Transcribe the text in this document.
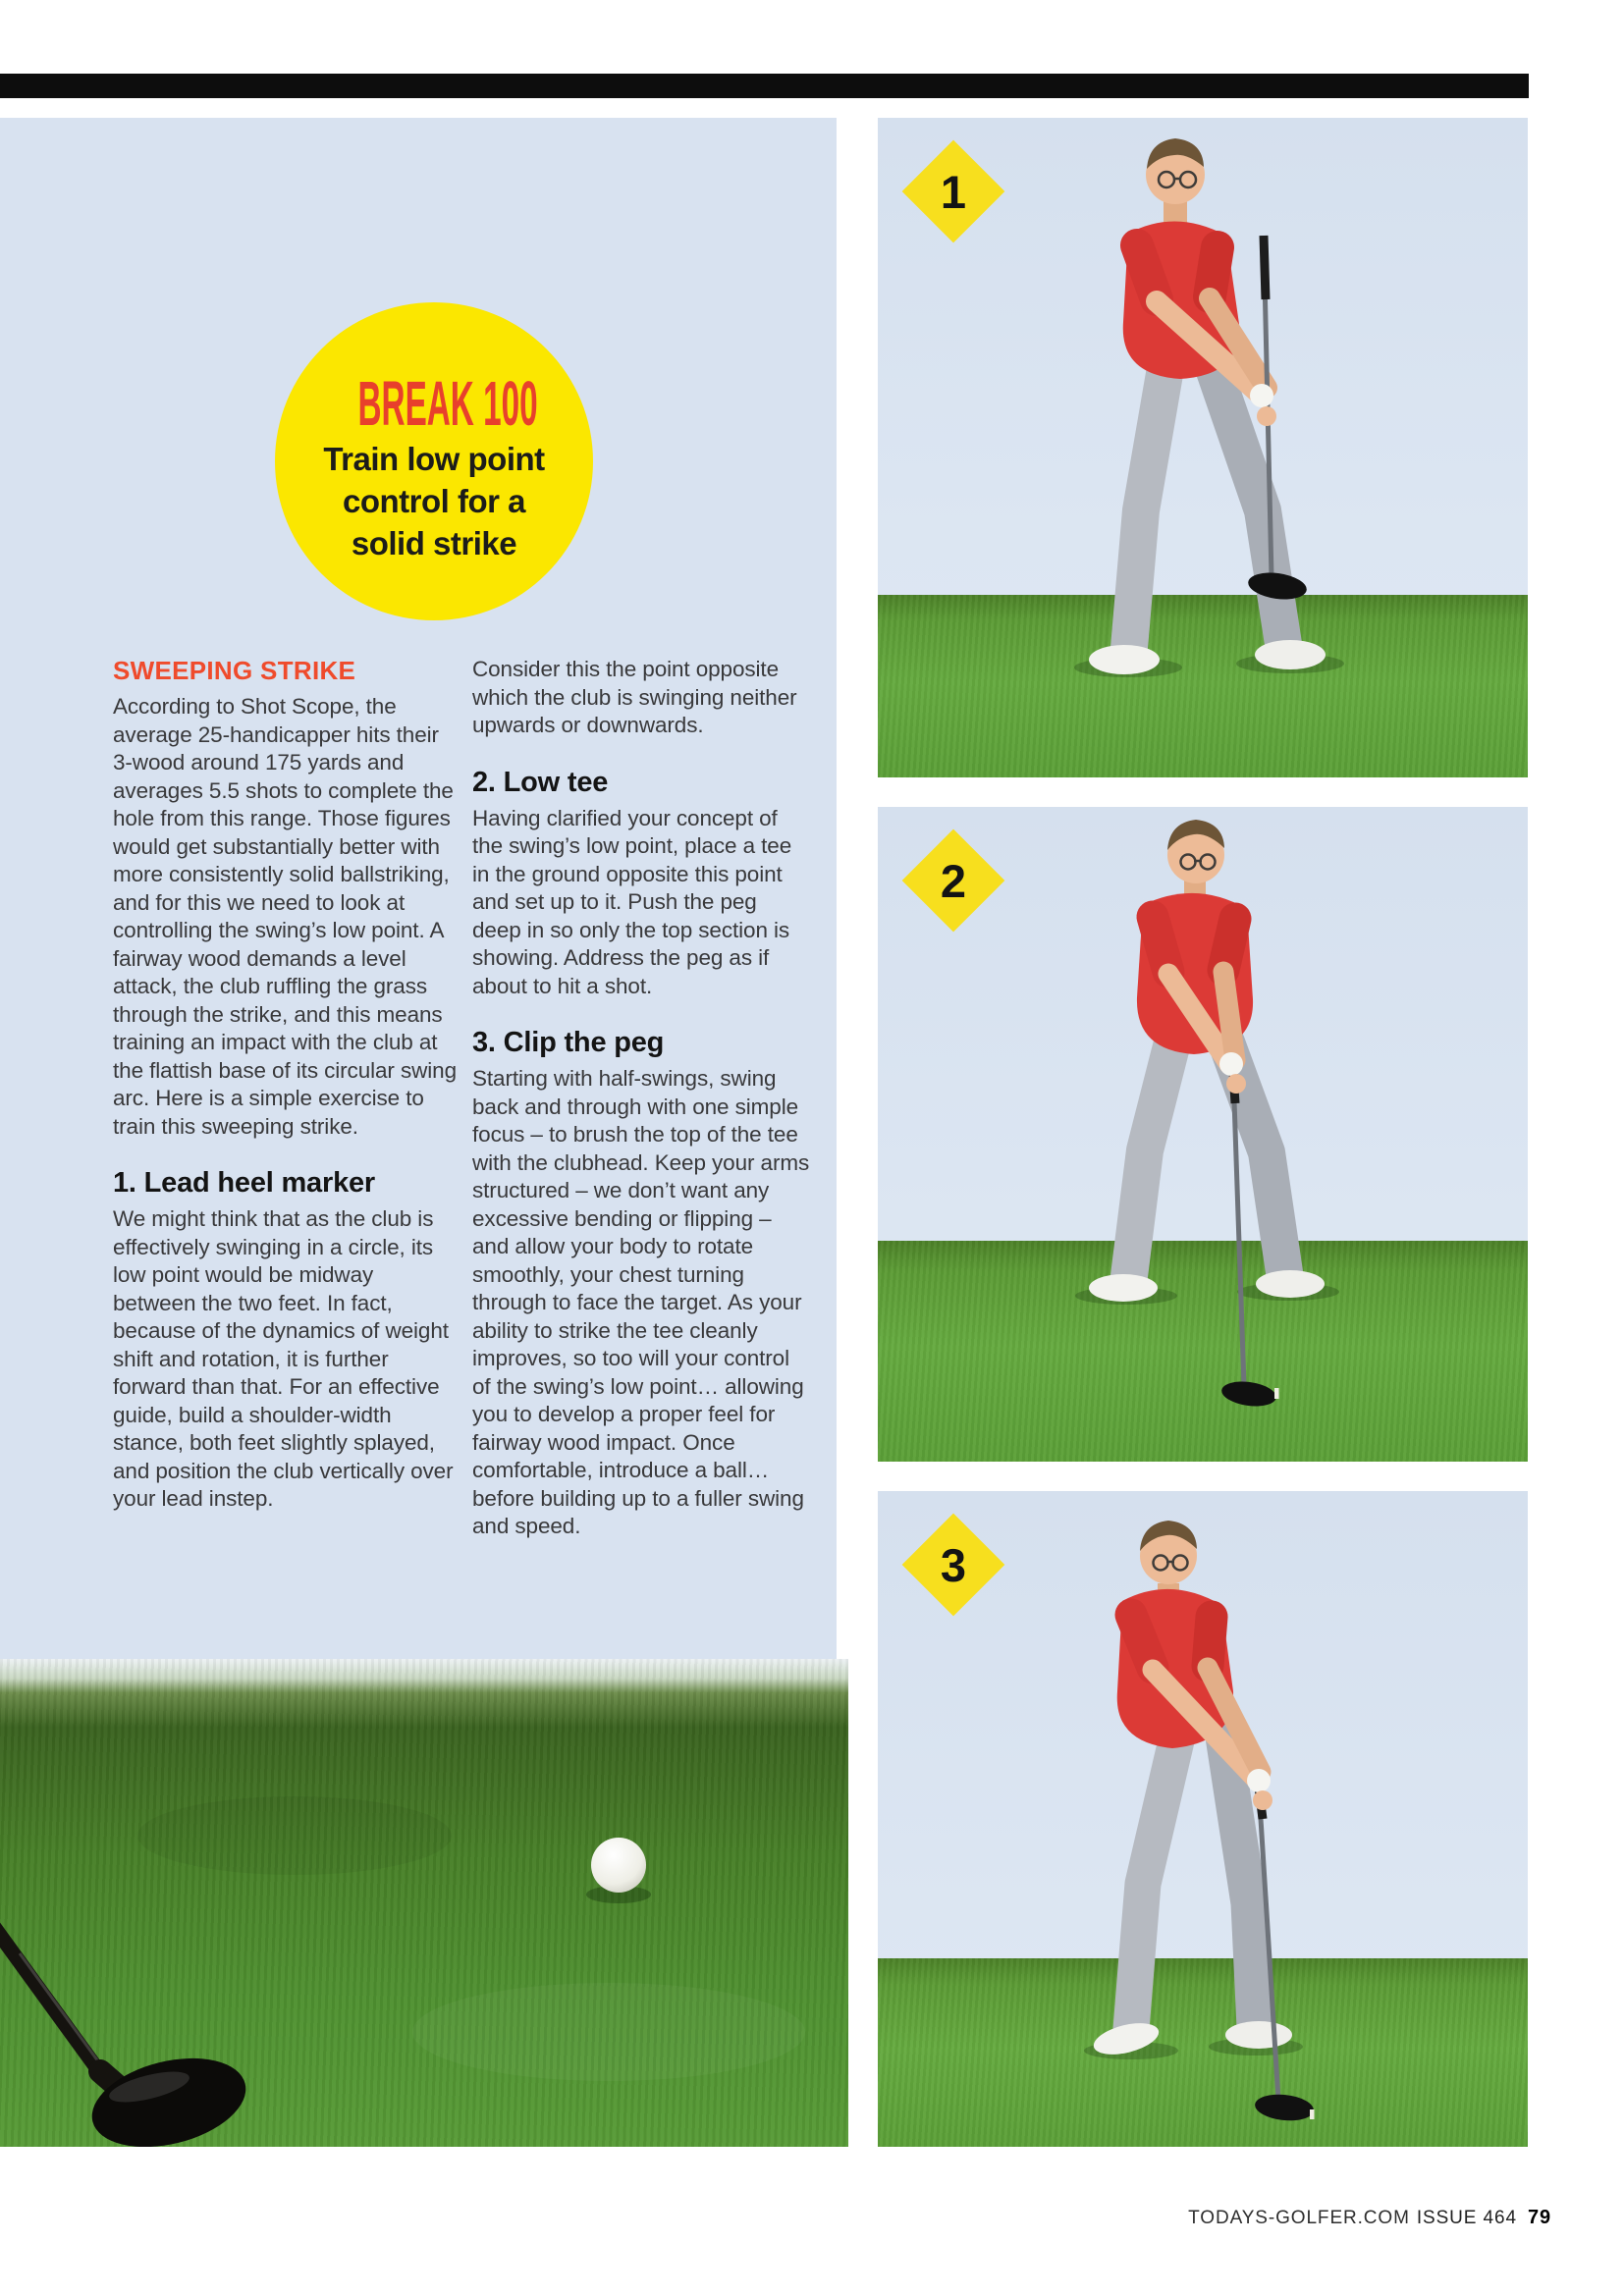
BREAK 100
Train low point
control for a
solid strike
SWEEPING STRIKE

According to Shot Scope, the average 25-handicapper hits their 3-wood around 175 yards and averages 5.5 shots to complete the hole from this range. Those figures would get substantially better with more consistently solid ballstriking, and for this we need to look at controlling the swing’s low point. A fairway wood demands a level attack, the club ruffling the grass through the strike, and this means training an impact with the club at the flattish base of its circular swing arc. Here is a simple exercise to train this sweeping strike.

1. Lead heel marker

We might think that as the club is effectively swinging in a circle, its low point would be midway between the two feet. In fact, because of the dynamics of weight shift and rotation, it is further forward than that. For an effective guide, build a shoulder-width stance, both feet slightly splayed, and position the club vertically over your lead instep.

Consider this the point opposite which the club is swinging neither upwards or downwards.

2. Low tee

Having clarified your concept of the swing’s low point, place a tee in the ground opposite this point and set up to it. Push the peg deep in so only the top section is showing. Address the peg as if about to hit a shot.

3. Clip the peg

Starting with half-swings, swing back and through with one simple focus – to brush the top of the tee with the clubhead. Keep your arms structured – we don’t want any excessive bending or flipping – and allow your body to rotate smoothly, your chest turning through to face the target. As your ability to strike the tee cleanly improves, so too will your control of the swing’s low point… allowing you to develop a proper feel for fairway wood impact. Once comfortable, introduce a ball… before building up to a fuller swing and speed.

1
2
3
TODAYS-GOLFER.COM ISSUE 464 79
